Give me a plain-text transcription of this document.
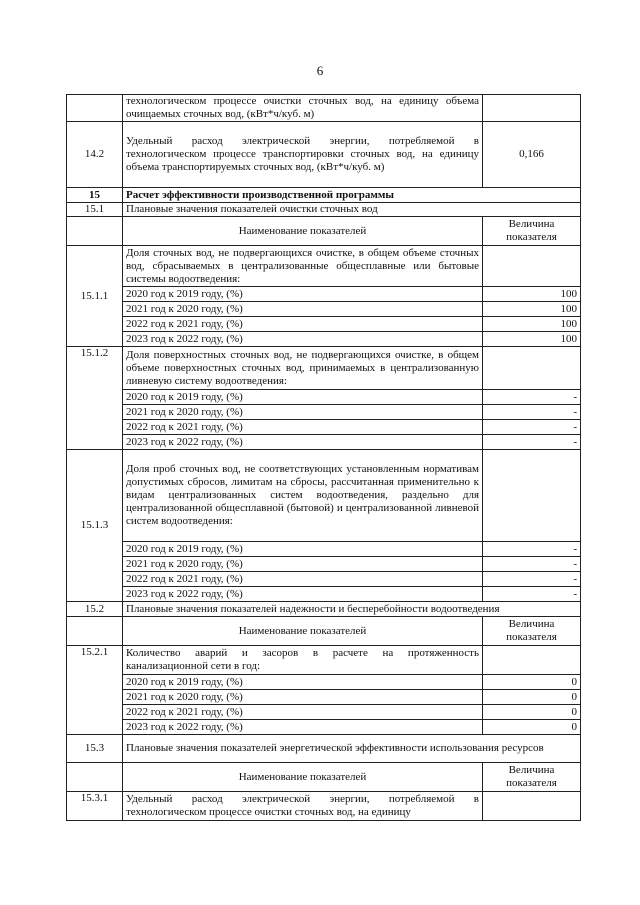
6
	технологическом процессе очистки сточных вод, на единицу объема очищаемых сточных вод, (кВт*ч/куб. м)	
14.2	Удельный расход электрической энергии, потребляемой в технологическом процессе транспортировки сточных вод, на единицу объема транспортируемых сточных вод, (кВт*ч/куб. м)	0,166
15	Расчет эффективности производственной программы	
15.1	Плановые значения показателей очистки сточных вод	
	Наименование показателей	Величина показателя
15.1.1	Доля сточных вод, не подвергающихся очистке, в общем объеме сточных вод, сбрасываемых в централизованные общесплавные или бытовые системы водоотведения:	
	2020 год к 2019 году, (%)	100
	2021 год к 2020 году, (%)	100
	2022 год к 2021 году, (%)	100
	2023 год к 2022 году, (%)	100
15.1.2	Доля поверхностных сточных вод, не подвергающихся очистке, в общем объеме поверхностных сточных вод, принимаемых в централизованную ливневую систему водоотведения:	
	2020 год к 2019 году, (%)	-
	2021 год к 2020 году, (%)	-
	2022 год к 2021 году, (%)	-
	2023 год к 2022 году, (%)	-
15.1.3	Доля проб сточных вод, не соответствующих установленным нормативам допустимых сбросов, лимитам на сбросы, рассчитанная применительно к видам централизованных систем водоотведения, раздельно для централизованной общесплавной (бытовой) и централизованной ливневой систем водоотведения:	
	2020 год к 2019 году, (%)	-
	2021 год к 2020 году, (%)	-
	2022 год к 2021 году, (%)	-
	2023 год к 2022 году, (%)	-
15.2	Плановые значения показателей надежности и бесперебойности водоотведения	
	Наименование показателей	Величина показателя
15.2.1	Количество аварий и засоров в расчете на протяженность канализационной сети в год:	
	2020 год к 2019 году, (%)	0
	2021 год к 2020 году, (%)	0
	2022 год к 2021 году, (%)	0
	2023 год к 2022 году, (%)	0
15.3	Плановые значения показателей энергетической эффективности использования ресурсов	
	Наименование показателей	Величина показателя
15.3.1	Удельный расход электрической энергии, потребляемой в технологическом процессе очистки сточных вод, на единицу	
